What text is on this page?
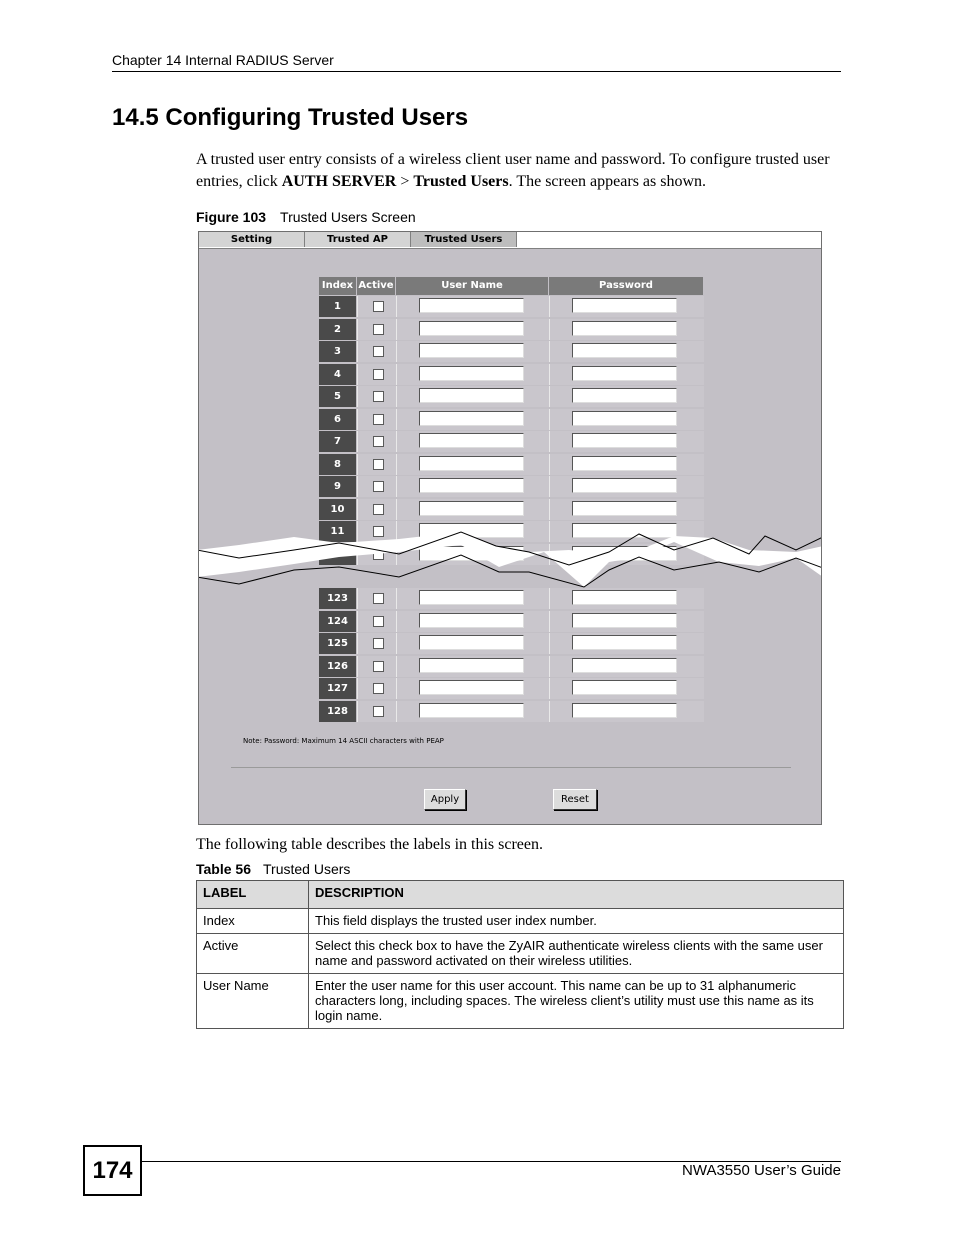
Chapter 14 Internal RADIUS Server
14.5 Configuring Trusted Users
A trusted user entry consists of a wireless client user name and password. To configure trusted user entries, click AUTH SERVER > Trusted Users. The screen appears as shown.
Figure 103 Trusted Users Screen
Setting	Trusted AP	Trusted Users
Index Active	User Name	Password
1
2
3
4
5
6
7
8
9
10
11
123
124
125
126
127
128
Note: Password: Maximum 14 ASCII characters with PEAP
Apply	Reset
The following table describes the labels in this screen.
Table 56 Trusted Users
LABEL	DESCRIPTION
Index	This field displays the trusted user index number.
Active	Select this check box to have the ZyAIR authenticate wireless clients with the same user name and password activated on their wireless utilities.
User Name	Enter the user name for this user account. This name can be up to 31 alphanumeric characters long, including spaces. The wireless client’s utility must use this name as its login name.
174	NWA3550 User’s Guide
